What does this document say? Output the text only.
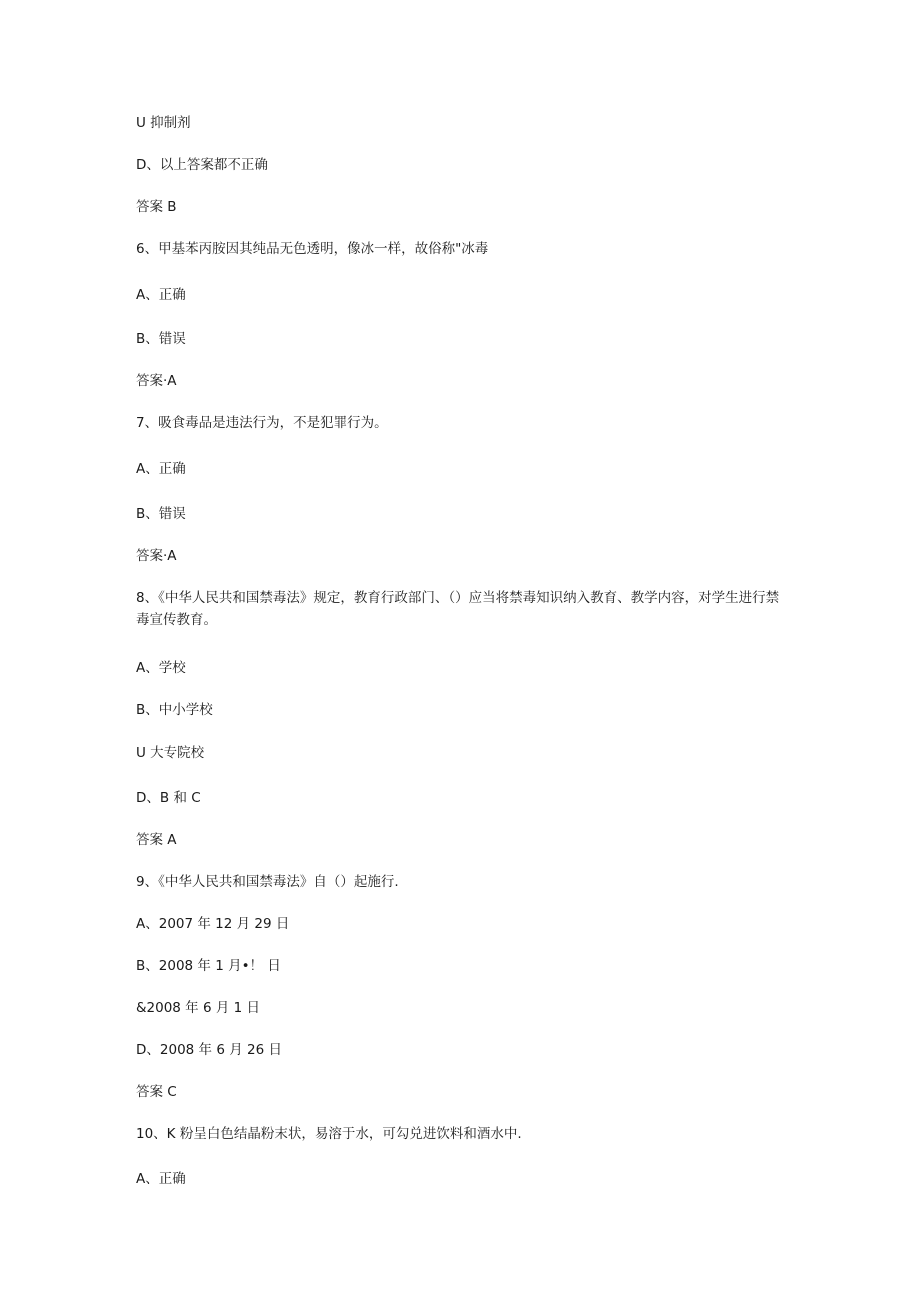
U 抑制剂

D、以上答案都不正确

答案 B

6、甲基苯丙胺因其纯品无色透明，像冰一样，故俗称"冰毒

A、正确

B、错误

答案·A

7、吸食毒品是违法行为，不是犯罪行为。

A、正确

B、错误

答案·A

8、《中华人民共和国禁毒法》规定，教育行政部门、（）应当将禁毒知识纳入教育、教学内容，对学生进行禁毒宣传教育。

A、学校

B、中小学校

U 大专院校

D、B 和 C

答案 A

9、《中华人民共和国禁毒法》自（）起施行.

A、2007 年 12 月 29 日

B、2008 年 1 月•！ 日

&2008 年 6 月 1 日

D、2008 年 6 月 26 日

答案 C

10、K 粉呈白色结晶粉末状，易溶于水，可勾兑进饮料和酒水中.

A、正确
